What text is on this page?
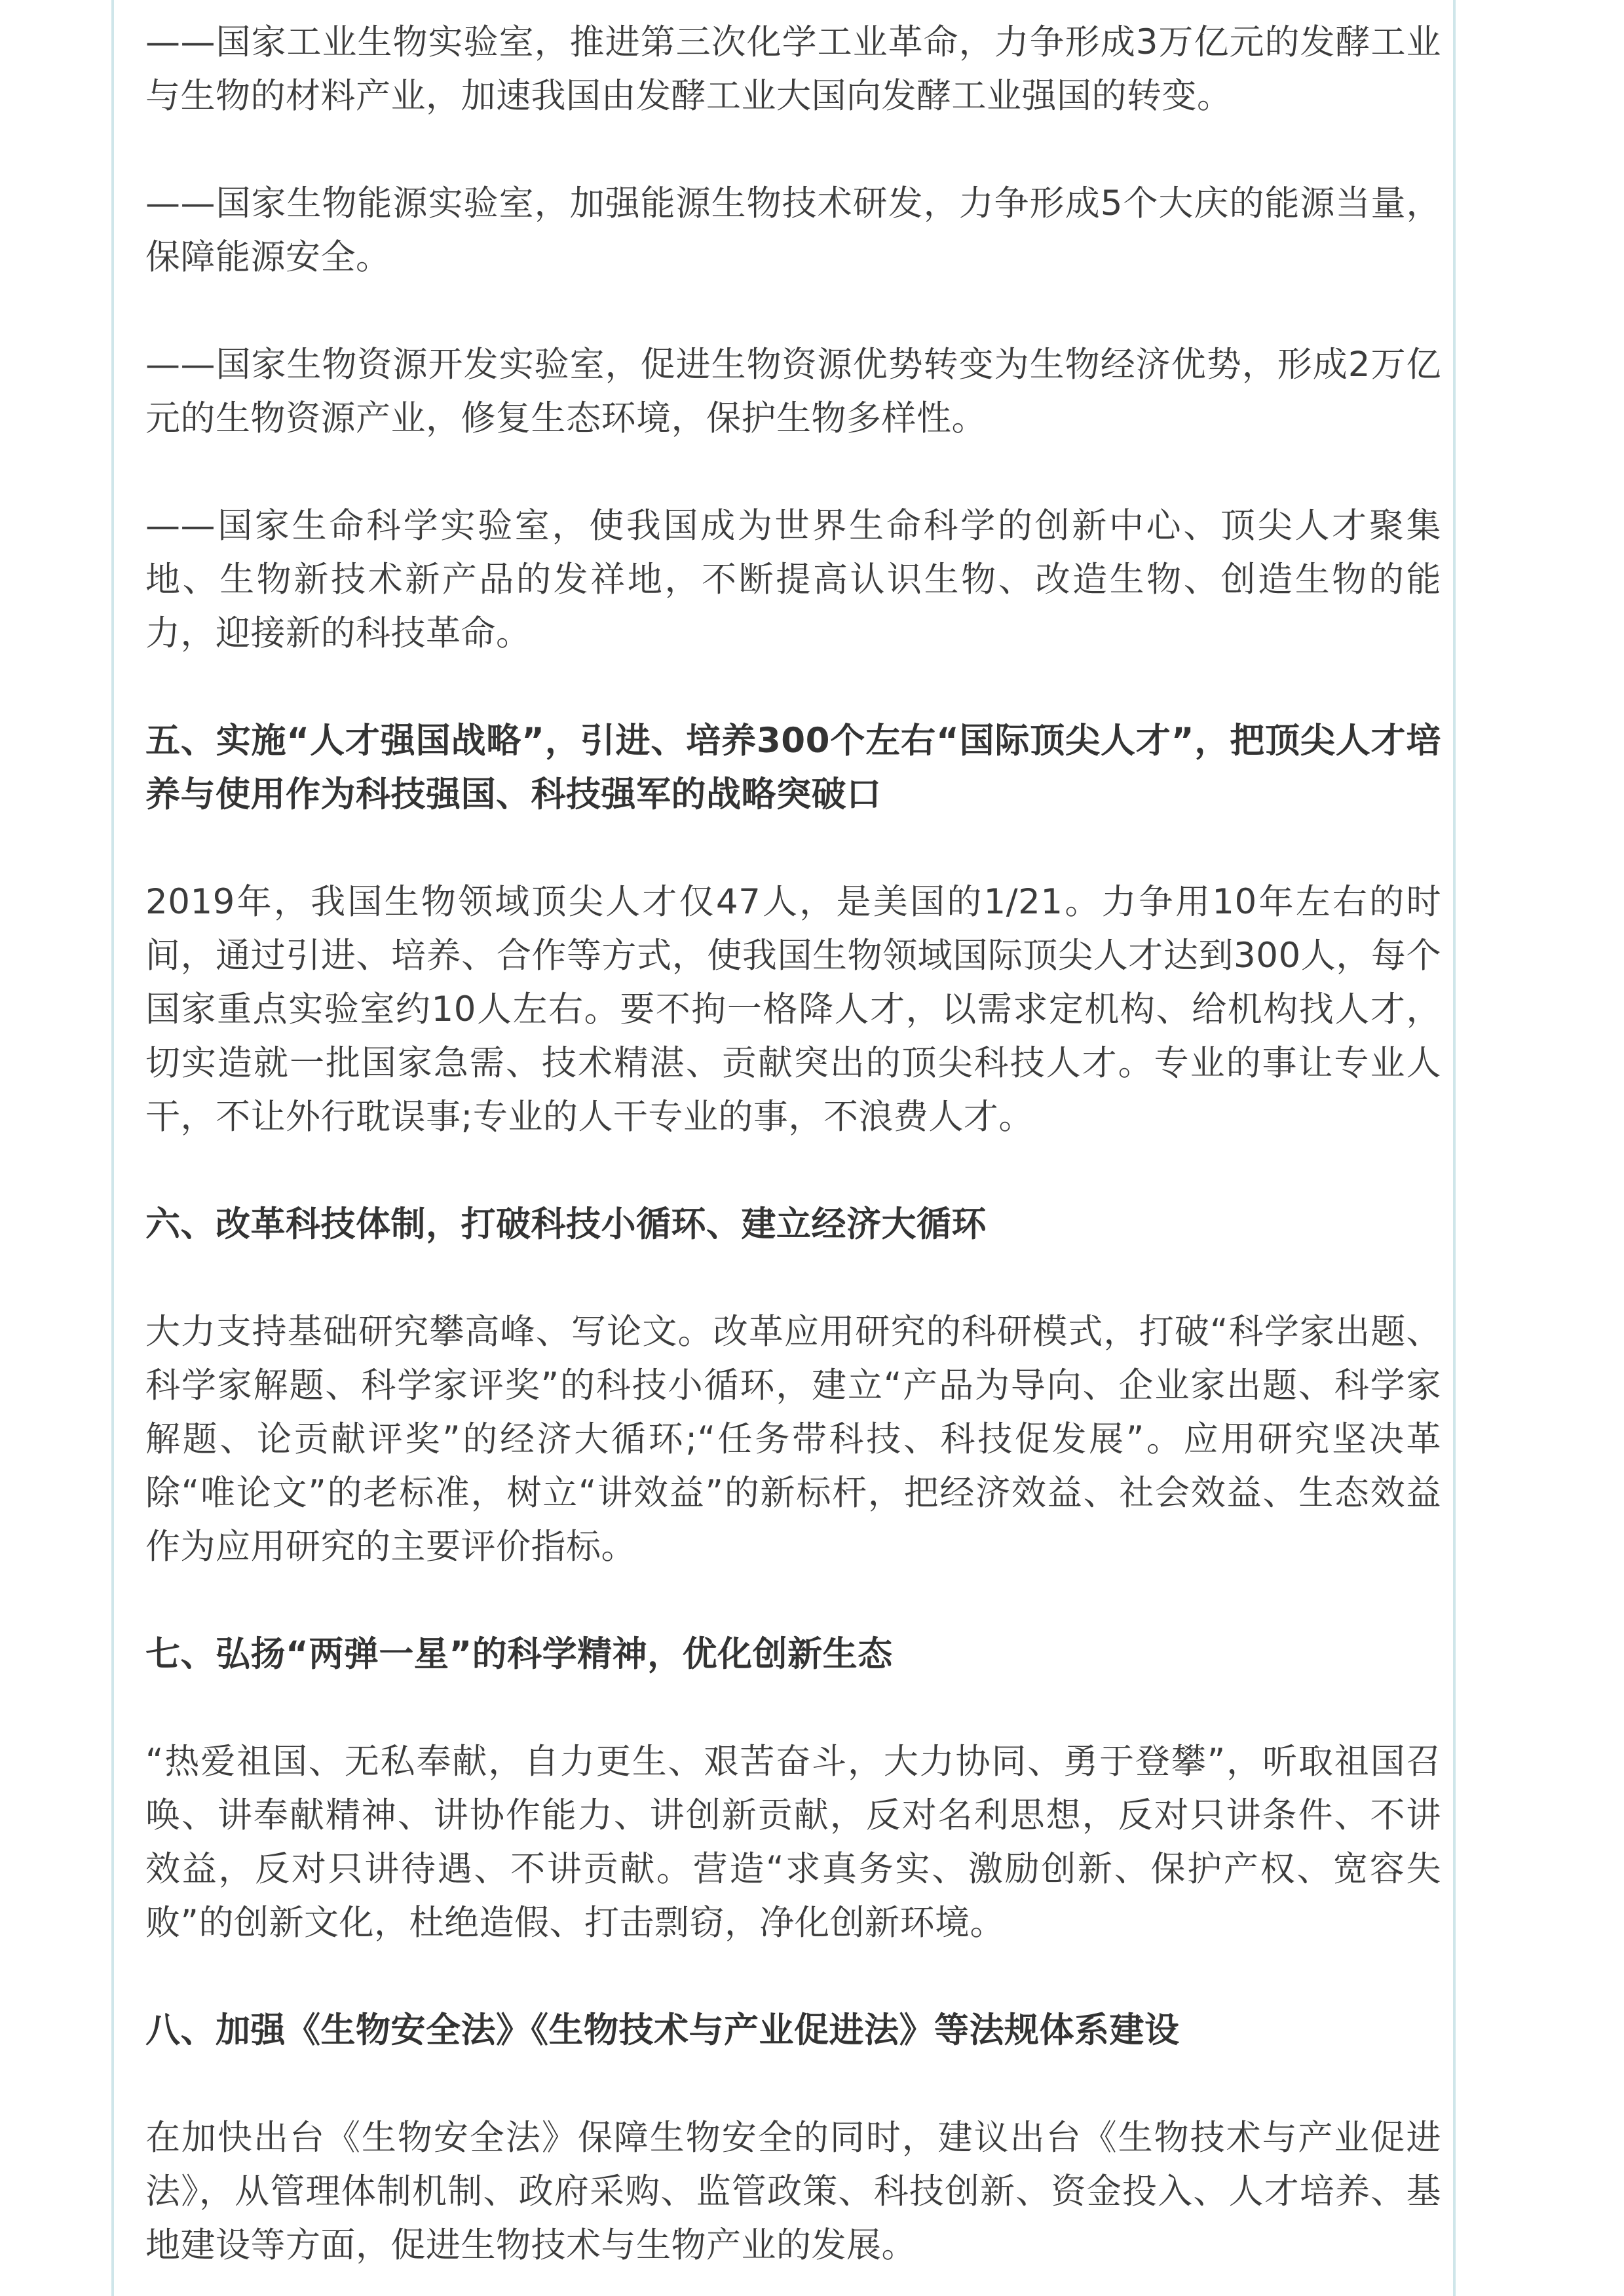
——国家工业生物实验室，推进第三次化学工业革命，力争形成3万亿元的发酵工业与生物的材料产业，加速我国由发酵工业大国向发酵工业强国的转变。

——国家生物能源实验室，加强能源生物技术研发，力争形成5个大庆的能源当量，保障能源安全。

——国家生物资源开发实验室，促进生物资源优势转变为生物经济优势，形成2万亿元的生物资源产业，修复生态环境，保护生物多样性。

——国家生命科学实验室，使我国成为世界生命科学的创新中心、顶尖人才聚集地、生物新技术新产品的发祥地，不断提高认识生物、改造生物、创造生物的能力，迎接新的科技革命。

五、实施“人才强国战略”，引进、培养300个左右“国际顶尖人才”，把顶尖人才培养与使用作为科技强国、科技强军的战略突破口

2019年，我国生物领域顶尖人才仅47人，是美国的1/21。力争用10年左右的时间，通过引进、培养、合作等方式，使我国生物领域国际顶尖人才达到300人，每个国家重点实验室约10人左右。要不拘一格降人才，以需求定机构、给机构找人才，切实造就一批国家急需、技术精湛、贡献突出的顶尖科技人才。专业的事让专业人干，不让外行耽误事;专业的人干专业的事，不浪费人才。

六、改革科技体制，打破科技小循环、建立经济大循环

大力支持基础研究攀高峰、写论文。改革应用研究的科研模式，打破“科学家出题、科学家解题、科学家评奖”的科技小循环，建立“产品为导向、企业家出题、科学家解题、论贡献评奖”的经济大循环;“任务带科技、科技促发展”。应用研究坚决革除“唯论文”的老标准，树立“讲效益”的新标杆，把经济效益、社会效益、生态效益作为应用研究的主要评价指标。

七、弘扬“两弹一星”的科学精神，优化创新生态

“热爱祖国、无私奉献，自力更生、艰苦奋斗，大力协同、勇于登攀”，听取祖国召唤、讲奉献精神、讲协作能力、讲创新贡献，反对名利思想，反对只讲条件、不讲效益，反对只讲待遇、不讲贡献。营造“求真务实、激励创新、保护产权、宽容失败”的创新文化，杜绝造假、打击剽窃，净化创新环境。

八、加强《生物安全法》《生物技术与产业促进法》等法规体系建设

在加快出台《生物安全法》保障生物安全的同时，建议出台《生物技术与产业促进法》，从管理体制机制、政府采购、监管政策、科技创新、资金投入、人才培养、基地建设等方面，促进生物技术与生物产业的发展。
